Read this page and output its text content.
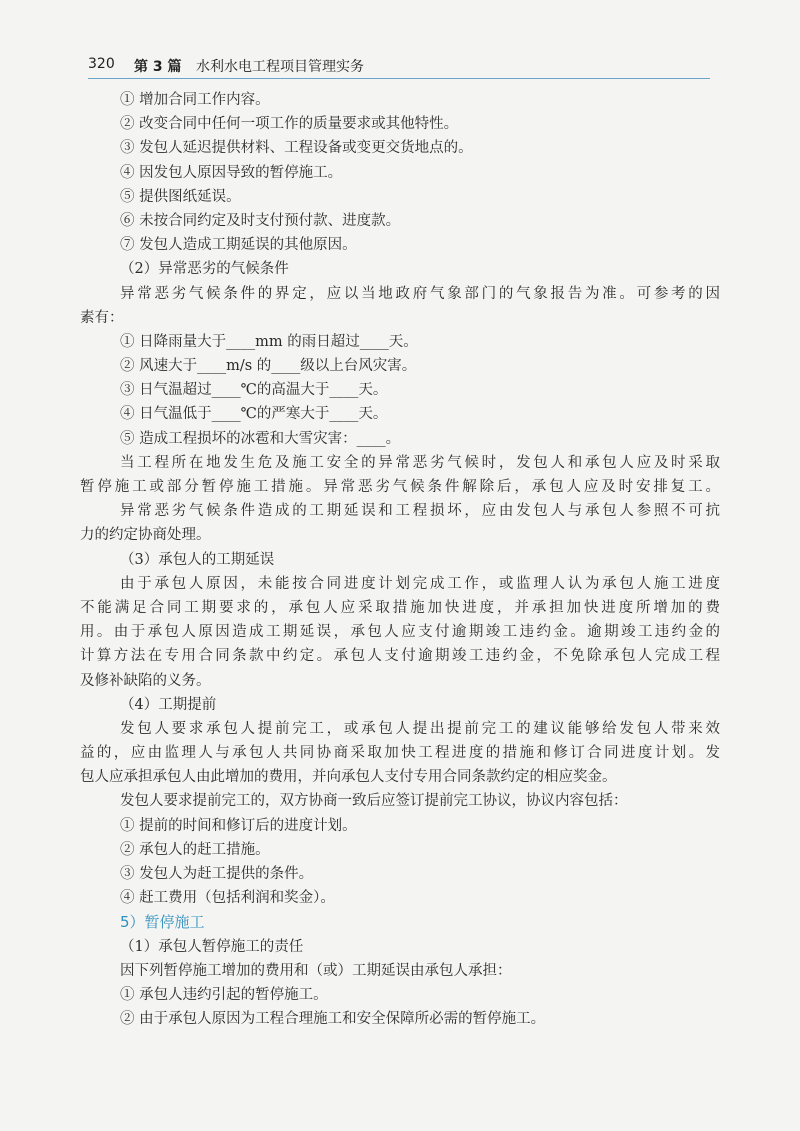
320 第 3 篇 水利水电工程项目管理实务
① 增加合同工作内容。
② 改变合同中任何一项工作的质量要求或其他特性。
③ 发包人延迟提供材料、工程设备或变更交货地点的。
④ 因发包人原因导致的暂停施工。
⑤ 提供图纸延误。
⑥ 未按合同约定及时支付预付款、进度款。
⑦ 发包人造成工期延误的其他原因。
（2）异常恶劣的气候条件
异常恶劣气候条件的界定，应以当地政府气象部门的气象报告为准。可参考的因
素有：
① 日降雨量大于____mm 的雨日超过____天。
② 风速大于____m/s 的____级以上台风灾害。
③ 日气温超过____℃的高温大于____天。
④ 日气温低于____℃的严寒大于____天。
⑤ 造成工程损坏的冰雹和大雪灾害：____。
当工程所在地发生危及施工安全的异常恶劣气候时，发包人和承包人应及时采取
暂停施工或部分暂停施工措施。异常恶劣气候条件解除后，承包人应及时安排复工。
异常恶劣气候条件造成的工期延误和工程损坏，应由发包人与承包人参照不可抗
力的约定协商处理。
（3）承包人的工期延误
由于承包人原因，未能按合同进度计划完成工作，或监理人认为承包人施工进度
不能满足合同工期要求的，承包人应采取措施加快进度，并承担加快进度所增加的费
用。由于承包人原因造成工期延误，承包人应支付逾期竣工违约金。逾期竣工违约金的
计算方法在专用合同条款中约定。承包人支付逾期竣工违约金，不免除承包人完成工程
及修补缺陷的义务。
（4）工期提前
发包人要求承包人提前完工，或承包人提出提前完工的建议能够给发包人带来效
益的，应由监理人与承包人共同协商采取加快工程进度的措施和修订合同进度计划。发
包人应承担承包人由此增加的费用，并向承包人支付专用合同条款约定的相应奖金。
发包人要求提前完工的，双方协商一致后应签订提前完工协议，协议内容包括：
① 提前的时间和修订后的进度计划。
② 承包人的赶工措施。
③ 发包人为赶工提供的条件。
④ 赶工费用（包括利润和奖金）。
5）暂停施工
（1）承包人暂停施工的责任
因下列暂停施工增加的费用和（或）工期延误由承包人承担：
① 承包人违约引起的暂停施工。
② 由于承包人原因为工程合理施工和安全保障所必需的暂停施工。
